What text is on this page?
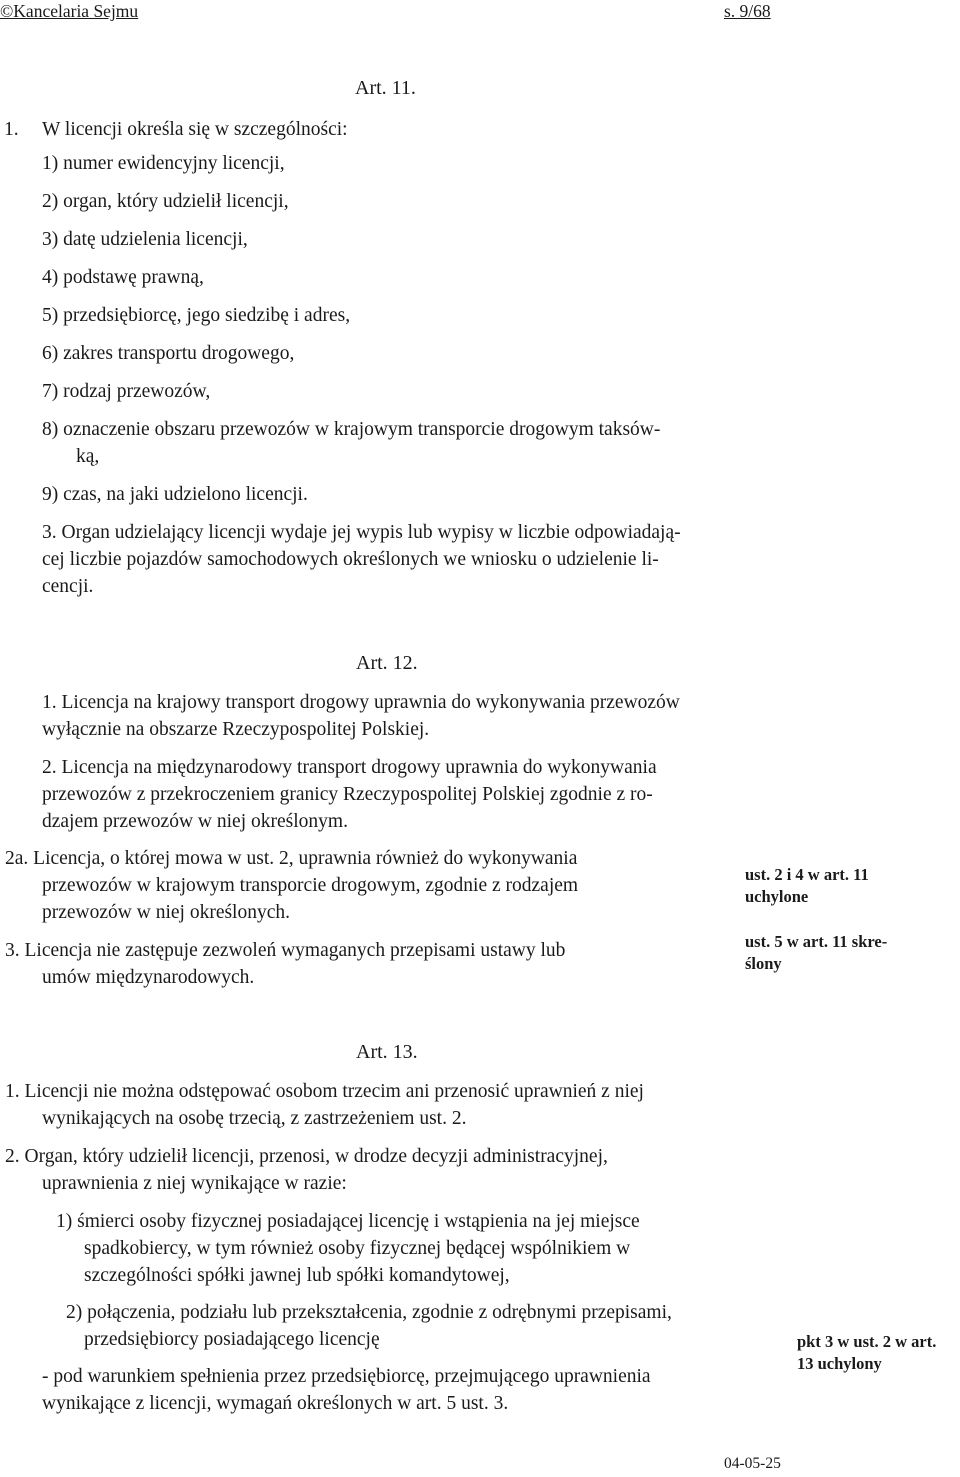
©Kancelaria Sejmu	s. 9/68
Art. 11.
1. W licencji określa się w szczególności:
1) numer ewidencyjny licencji,
2) organ, który udzielił licencji,
3) datę udzielenia licencji,
4) podstawę prawną,
5) przedsiębiorcę, jego siedzibę i adres,
6) zakres transportu drogowego,
7) rodzaj przewozów,
8) oznaczenie obszaru przewozów w krajowym transporcie drogowym taksów-
ką,
9) czas, na jaki udzielono licencji.
3. Organ udzielający licencji wydaje jej wypis lub wypisy w liczbie odpowiadają-
cej liczbie pojazdów samochodowych określonych we wniosku o udzielenie li-
cencji.
Art. 12.
1. Licencja na krajowy transport drogowy uprawnia do wykonywania przewozów
wyłącznie na obszarze Rzeczypospolitej Polskiej.
2. Licencja na międzynarodowy transport drogowy uprawnia do wykonywania
przewozów z przekroczeniem granicy Rzeczypospolitej Polskiej zgodnie z ro-
dzajem przewozów w niej określonym.
2a. Licencja, o której mowa w ust. 2, uprawnia również do wykonywania
przewozów w krajowym transporcie drogowym, zgodnie z rodzajem
przewozów w niej określonych.
3. Licencja nie zastępuje zezwoleń wymaganych przepisami ustawy lub
umów międzynarodowych.
ust. 2 i 4 w art. 11
uchylone
ust. 5 w art. 11 skre-
ślony
Art. 13.
1. Licencji nie można odstępować osobom trzecim ani przenosić uprawnień z niej
wynikających na osobę trzecią, z zastrzeżeniem ust. 2.
2. Organ, który udzielił licencji, przenosi, w drodze decyzji administracyjnej,
uprawnienia z niej wynikające w razie:
1) śmierci osoby fizycznej posiadającej licencję i wstąpienia na jej miejsce
spadkobiercy, w tym również osoby fizycznej będącej wspólnikiem w
szczególności spółki jawnej lub spółki komandytowej,
2) połączenia, podziału lub przekształcenia, zgodnie z odrębnymi przepisami,
przedsiębiorcy posiadającego licencję
- pod warunkiem spełnienia przez przedsiębiorcę, przejmującego uprawnienia
wynikające z licencji, wymagań określonych w art. 5 ust. 3.
pkt 3 w ust. 2 w art.
13 uchylony
04-05-25
